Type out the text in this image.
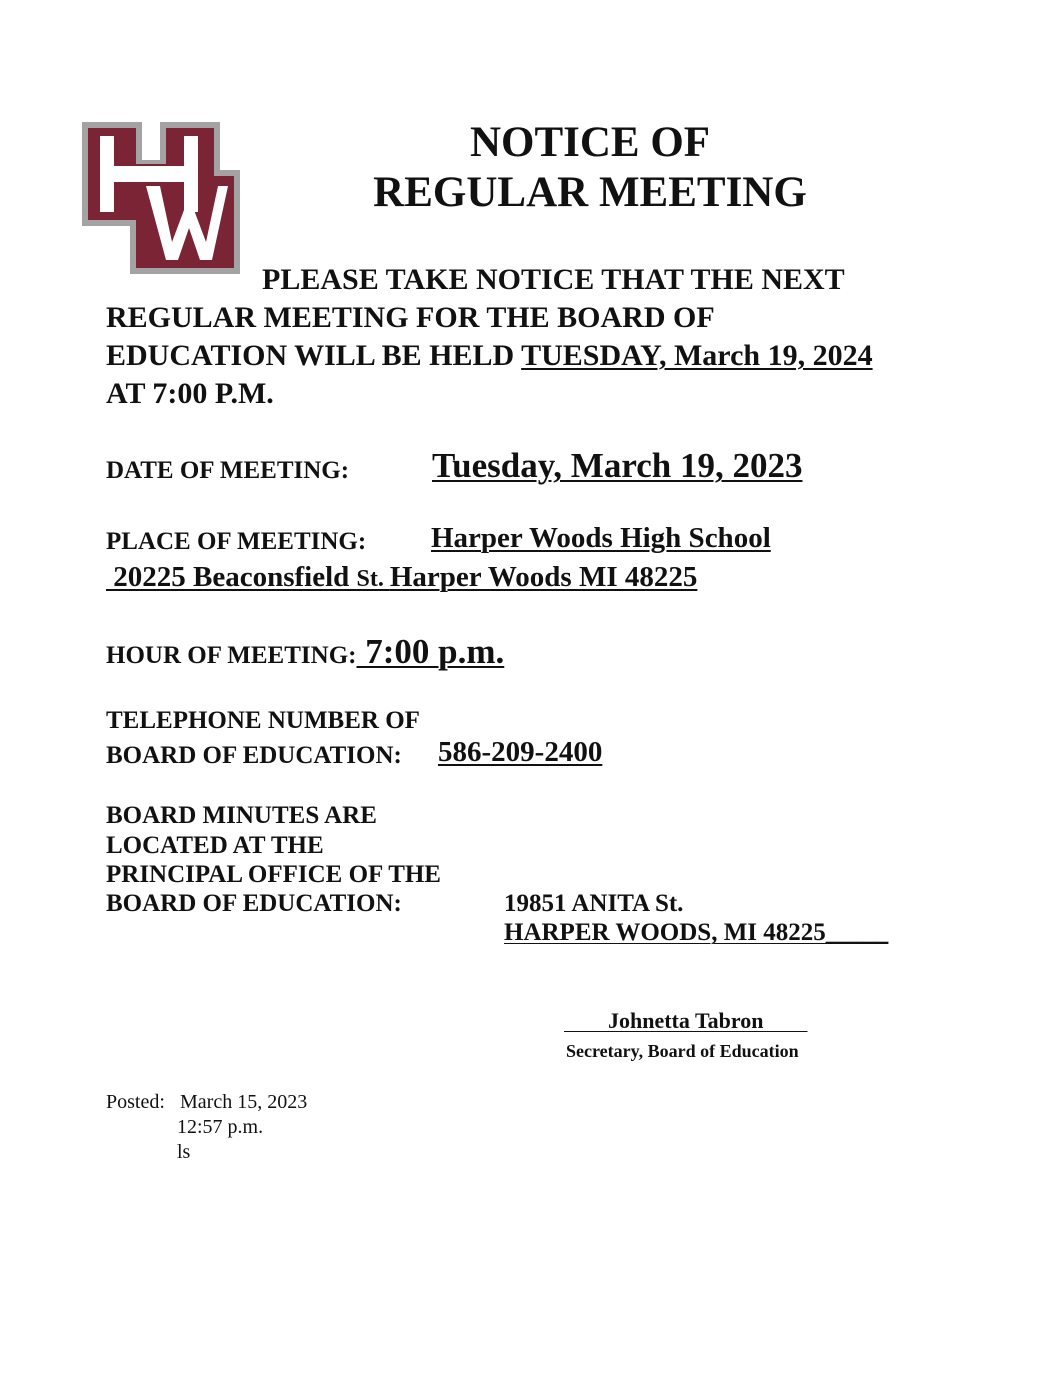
NOTICE OF
REGULAR MEETING
PLEASE TAKE NOTICE THAT THE NEXT
REGULAR MEETING FOR THE BOARD OF
EDUCATION WILL BE HELD TUESDAY, March 19, 2024
AT 7:00 P.M.
DATE OF MEETING: Tuesday, March 19, 2023
PLACE OF MEETING: Harper Woods High School
20225 Beaconsfield St. Harper Woods MI 48225
HOUR OF MEETING: 7:00 p.m.
TELEPHONE NUMBER OF
BOARD OF EDUCATION: 586-209-2400
BOARD MINUTES ARE
LOCATED AT THE
PRINCIPAL OFFICE OF THE
BOARD OF EDUCATION:	19851 ANITA St.
HARPER WOODS, MI 48225_____
Johnetta Tabron
Secretary, Board of Education
Posted: March 15, 2023
12:57 p.m.
ls
